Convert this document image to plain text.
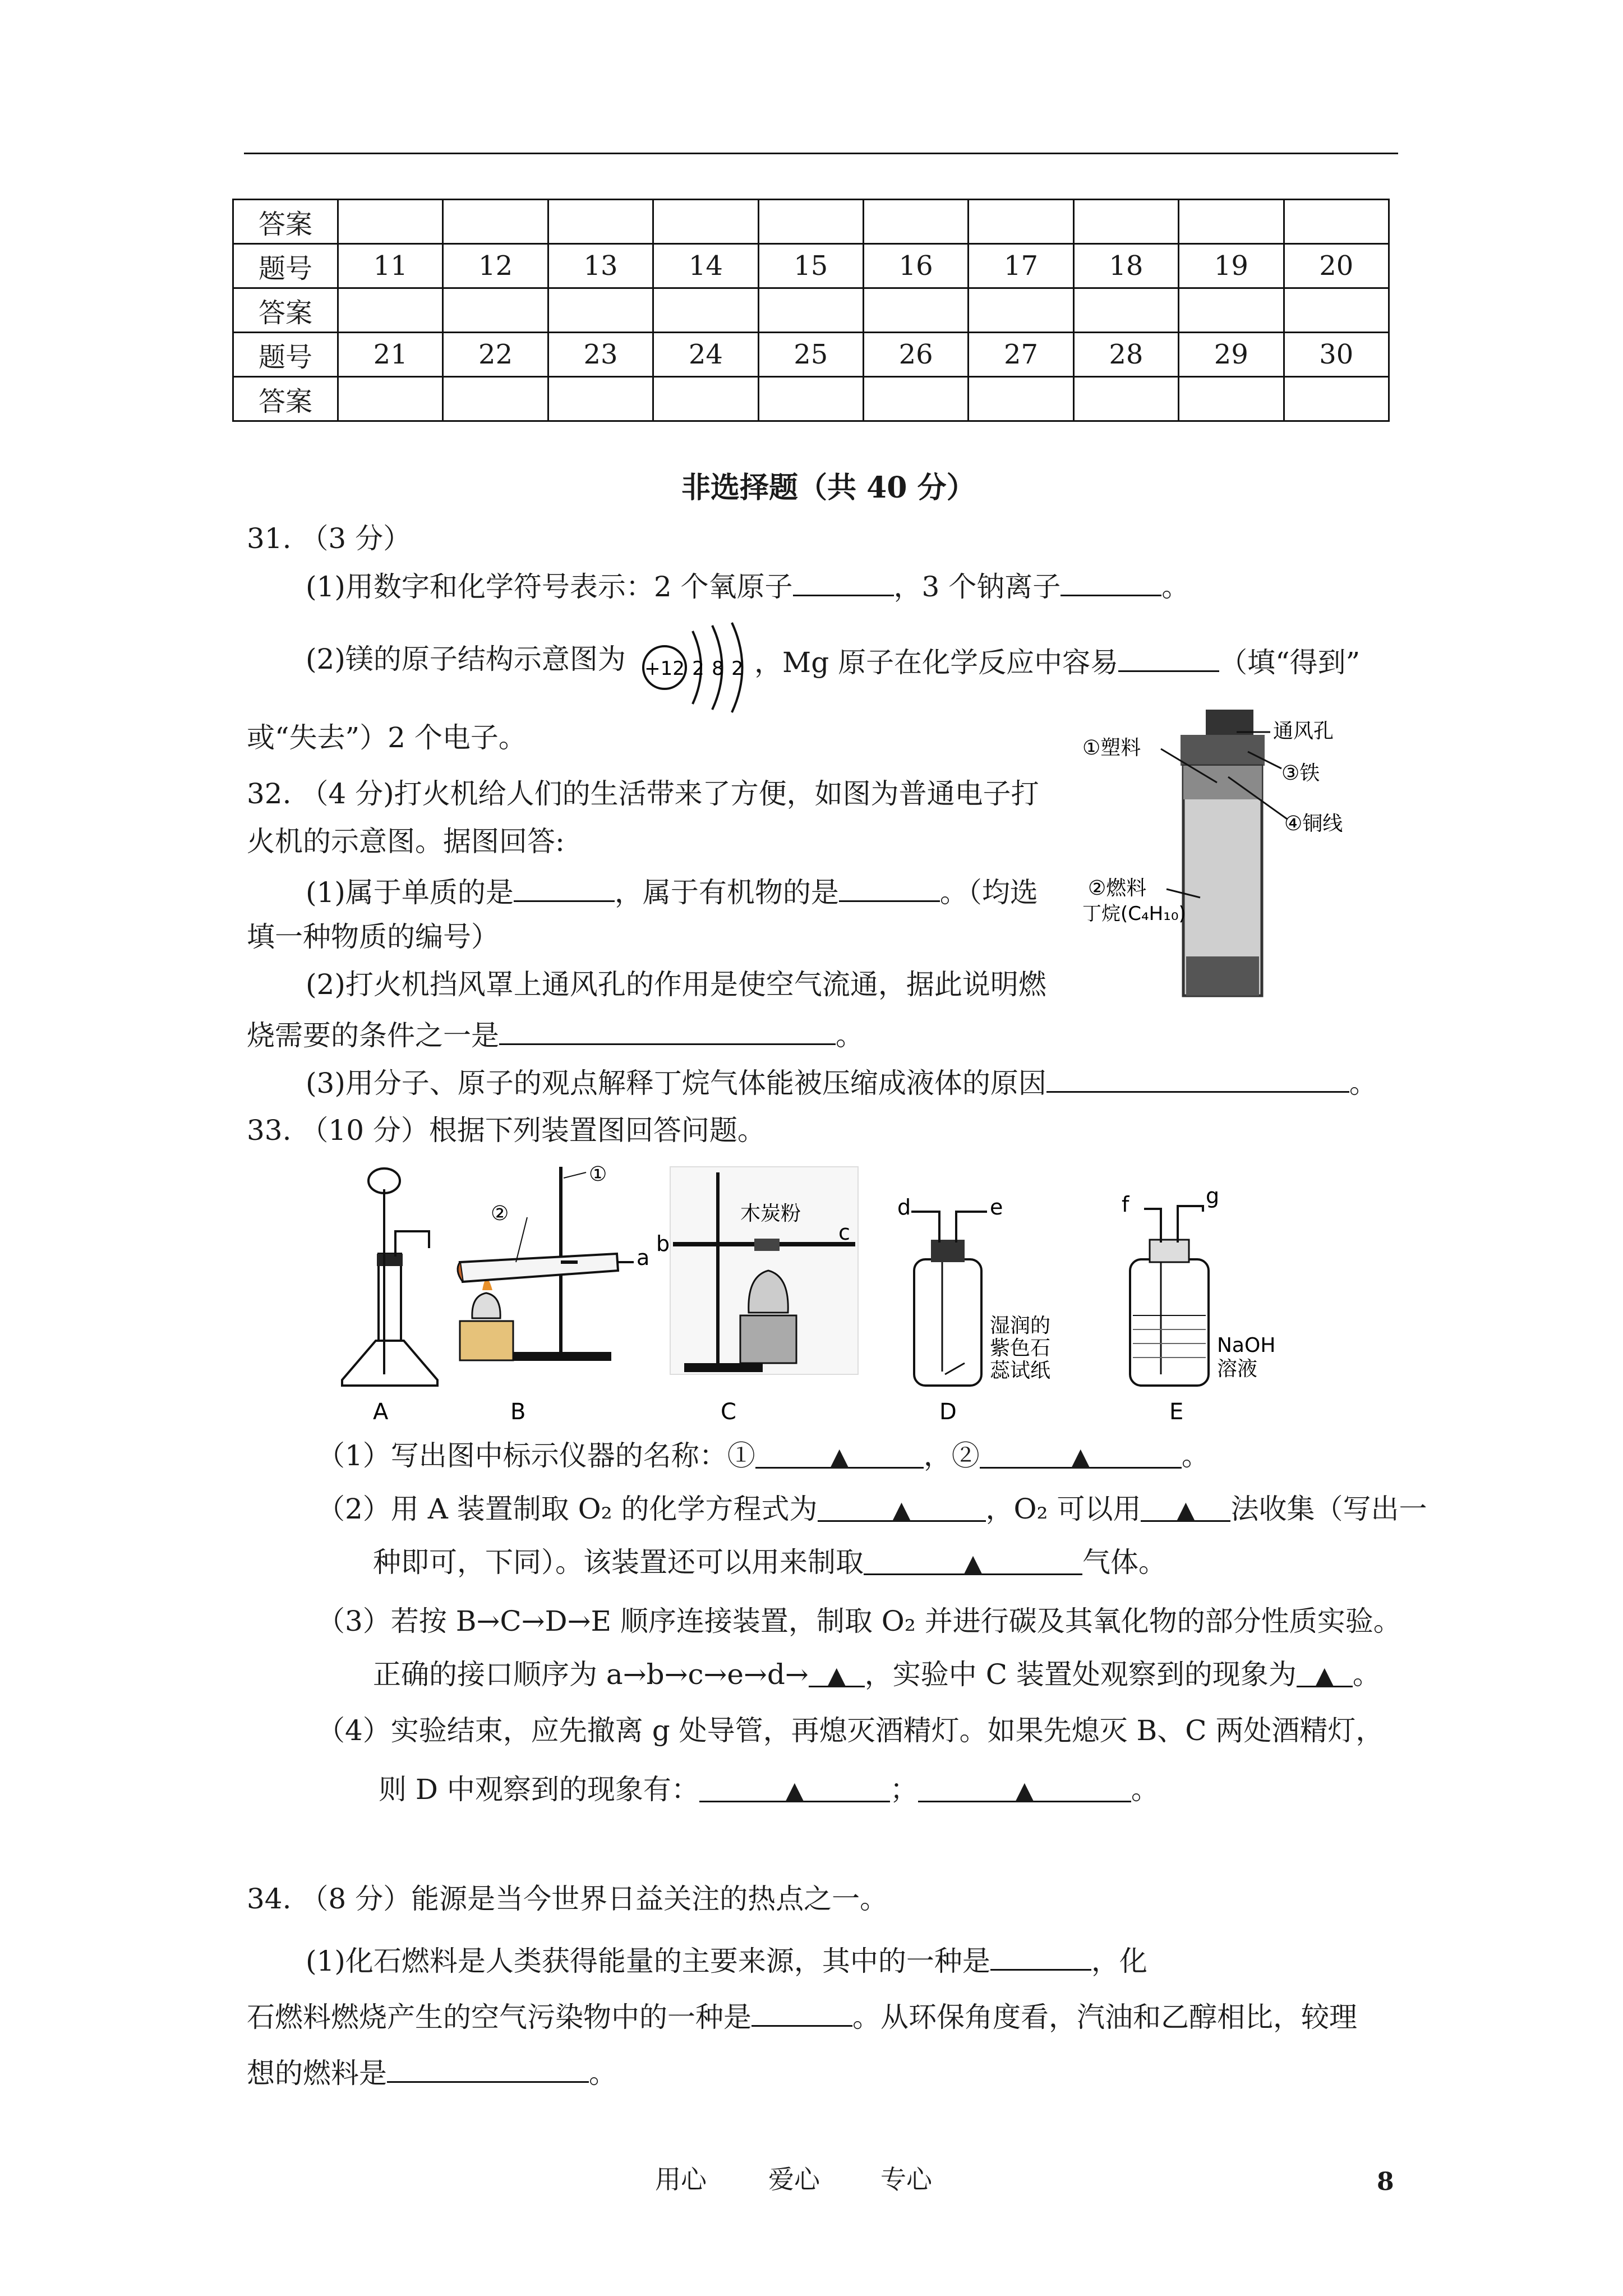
答案										
题号	11	12	13	14	15	16	17	18	19	20
答案										
题号	21	22	23	24	25	26	27	28	29	30
答案										
非选择题（共 40 分）
31. （3 分）
(1)用数字和化学符号表示：2 个氧原子	，3 个钠离子	。
(2)镁的原子结构示意图为 +12 2 8 2 ，Mg 原子在化学反应中容易	（填“得到”
或“失去”）2 个电子。
32. （4 分)打火机给人们的生活带来了方便，如图为普通电子打
火机的示意图。据图回答:
(1)属于单质的是	，属于有机物的是	。（均选
填一种物质的编号）
(2)打火机挡风罩上通风孔的作用是使空气流通，据此说明燃
烧需要的条件之一是	。
(3)用分子、原子的观点解释丁烷气体能被压缩成液体的原因	。
通风孔
①塑料
③铁
④铜线
②燃料
丁烷(C₄H₁₀)
33. （10 分）根据下列装置图回答问题。
①
②
a
木炭粉
b	c
d	e
湿润的
紫色石
蕊试纸
f	g
NaOH
溶液
A	B	C	D	E
（1）写出图中标示仪器的名称：①	▲	，②	▲	。
（2）用 A 装置制取 O₂ 的化学方程式为	▲	，O₂ 可以用 ▲ 法收集（写出一
种即可，下同）。该装置还可以用来制取	▲	气体。
（3）若按 B→C→D→E 顺序连接装置，制取 O₂ 并进行碳及其氧化物的部分性质实验。
正确的接口顺序为 a→b→c→e→d→ ▲ ，实验中 C 装置处观察到的现象为 ▲ 。
（4）实验结束，应先撤离 g 处导管，再熄灭酒精灯。如果先熄灭 B、C 两处酒精灯，
则 D 中观察到的现象有：	▲	；	▲	。
34. （8 分）能源是当今世界日益关注的热点之一。
(1)化石燃料是人类获得能量的主要来源，其中的一种是	，化
石燃料燃烧产生的空气污染物中的一种是	。从环保角度看，汽油和乙醇相比，较理
想的燃料是	。
用心 爱心 专心	8
